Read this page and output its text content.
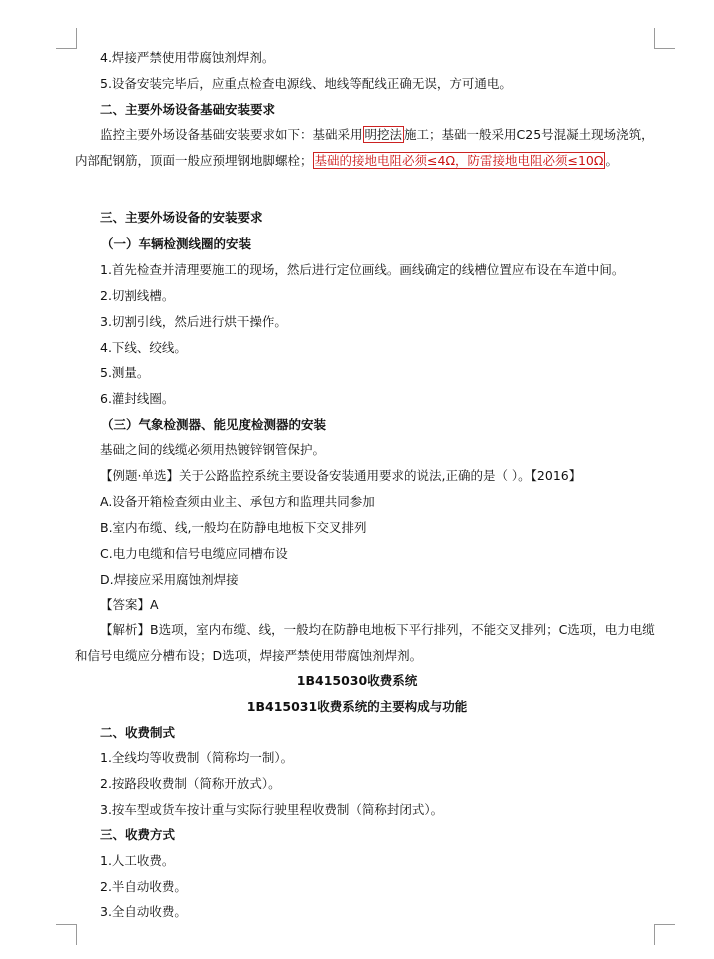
4.焊接严禁使用带腐蚀剂焊剂。
5.设备安装完毕后，应重点检查电源线、地线等配线正确无误，方可通电。
二、主要外场设备基础安装要求
监控主要外场设备基础安装要求如下：基础采用 明挖法 施工；基础一般采用C25号混凝土现场浇筑，内部配钢筋，顶面一般应预埋钢地脚螺栓； 基础的接地电阻必须≤4Ω，防雷接地电阻必须≤10Ω 。
三、主要外场设备的安装要求
（一）车辆检测线圈的安装
1.首先检查并清理要施工的现场，然后进行定位画线。画线确定的线槽位置应布设在车道中间。
2.切割线槽。
3.切割引线，然后进行烘干操作。
4.下线、绞线。
5.测量。
6.灌封线圈。
（三）气象检测器、能见度检测器的安装
基础之间的线缆必须用热镀锌钢管保护。
【例题·单选】关于公路监控系统主要设备安装通用要求的说法,正确的是（ ）。【2016】
A.设备开箱检查须由业主、承包方和监理共同参加
B.室内布缆、线,一般均在防静电地板下交叉排列
C.电力电缆和信号电缆应同槽布设
D.焊接应采用腐蚀剂焊接
【答案】A
【解析】B选项，室内布缆、线，一般均在防静电地板下平行排列，不能交叉排列；C选项，电力电缆和信号电缆应分槽布设；D选项，焊接严禁使用带腐蚀剂焊剂。
1B415030收费系统
1B415031收费系统的主要构成与功能
二、收费制式
1.全线均等收费制（简称均一制）。
2.按路段收费制（简称开放式）。
3.按车型或货车按计重与实际行驶里程收费制（简称封闭式）。
三、收费方式
1.人工收费。
2.半自动收费。
3.全自动收费。
